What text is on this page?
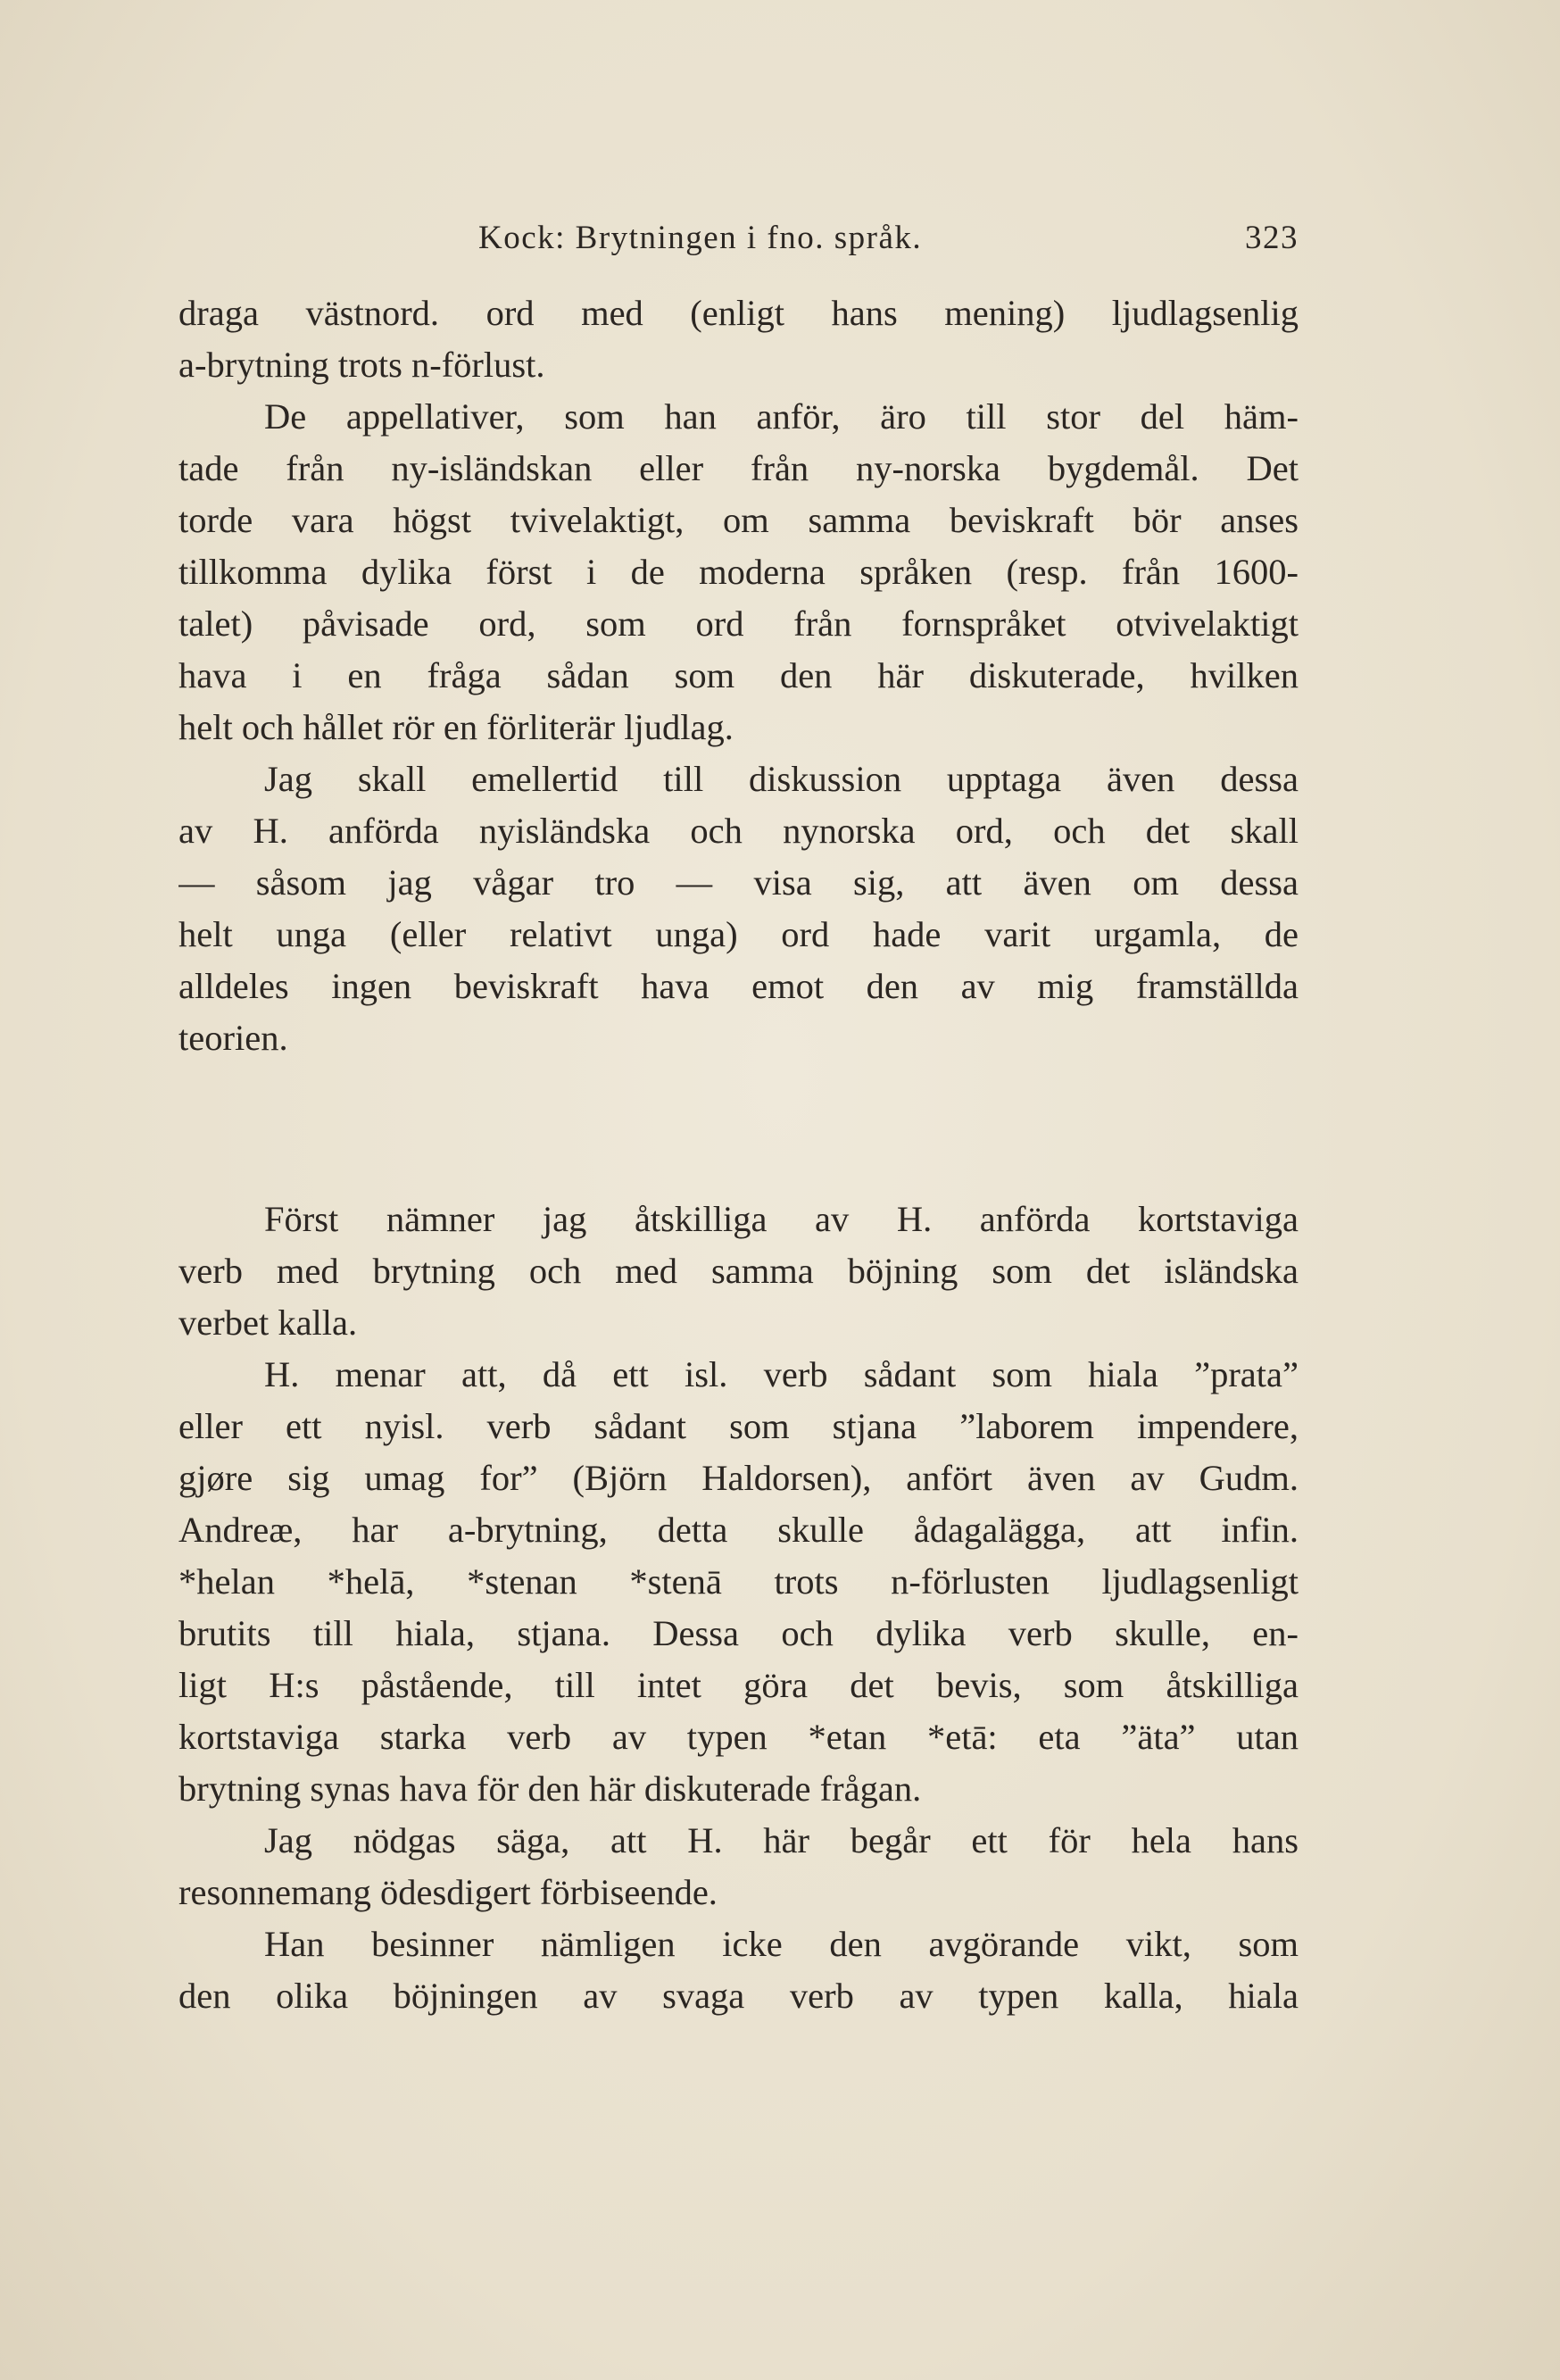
Kock: Brytningen i fno. språk.	323
draga västnord. ord med (enligt hans mening) ljudlagsenlig
a-brytning trots n-förlust.
De appellativer, som han anför, äro till stor del häm-
tade från ny-isländskan eller från ny-norska bygdemål. Det
torde vara högst tvivelaktigt, om samma beviskraft bör anses
tillkomma dylika först i de moderna språken (resp. från 1600-
talet) påvisade ord, som ord från fornspråket otvivelaktigt
hava i en fråga sådan som den här diskuterade, hvilken
helt och hållet rör en förliterär ljudlag.
Jag skall emellertid till diskussion upptaga även dessa
av H. anförda nyisländska och nynorska ord, och det skall
— såsom jag vågar tro — visa sig, att även om dessa
helt unga (eller relativt unga) ord hade varit urgamla, de
alldeles ingen beviskraft hava emot den av mig framställda
teorien.
Först nämner jag åtskilliga av H. anförda kortstaviga
verb med brytning och med samma böjning som det isländska
verbet kalla.
H. menar att, då ett isl. verb sådant som hiala ”prata”
eller ett nyisl. verb sådant som stjana ”laborem impendere,
gjøre sig umag for” (Björn Haldorsen), anfört även av Gudm.
Andreæ, har a-brytning, detta skulle ådagalägga, att infin.
*helan *helā, *stenan *stenā trots n-förlusten ljudlagsenligt
brutits till hiala, stjana. Dessa och dylika verb skulle, en-
ligt H:s påstående, till intet göra det bevis, som åtskilliga
kortstaviga starka verb av typen *etan *etā: eta ”äta” utan
brytning synas hava för den här diskuterade frågan.
Jag nödgas säga, att H. här begår ett för hela hans
resonnemang ödesdigert förbiseende.
Han besinner nämligen icke den avgörande vikt, som
den olika böjningen av svaga verb av typen kalla, hiala
